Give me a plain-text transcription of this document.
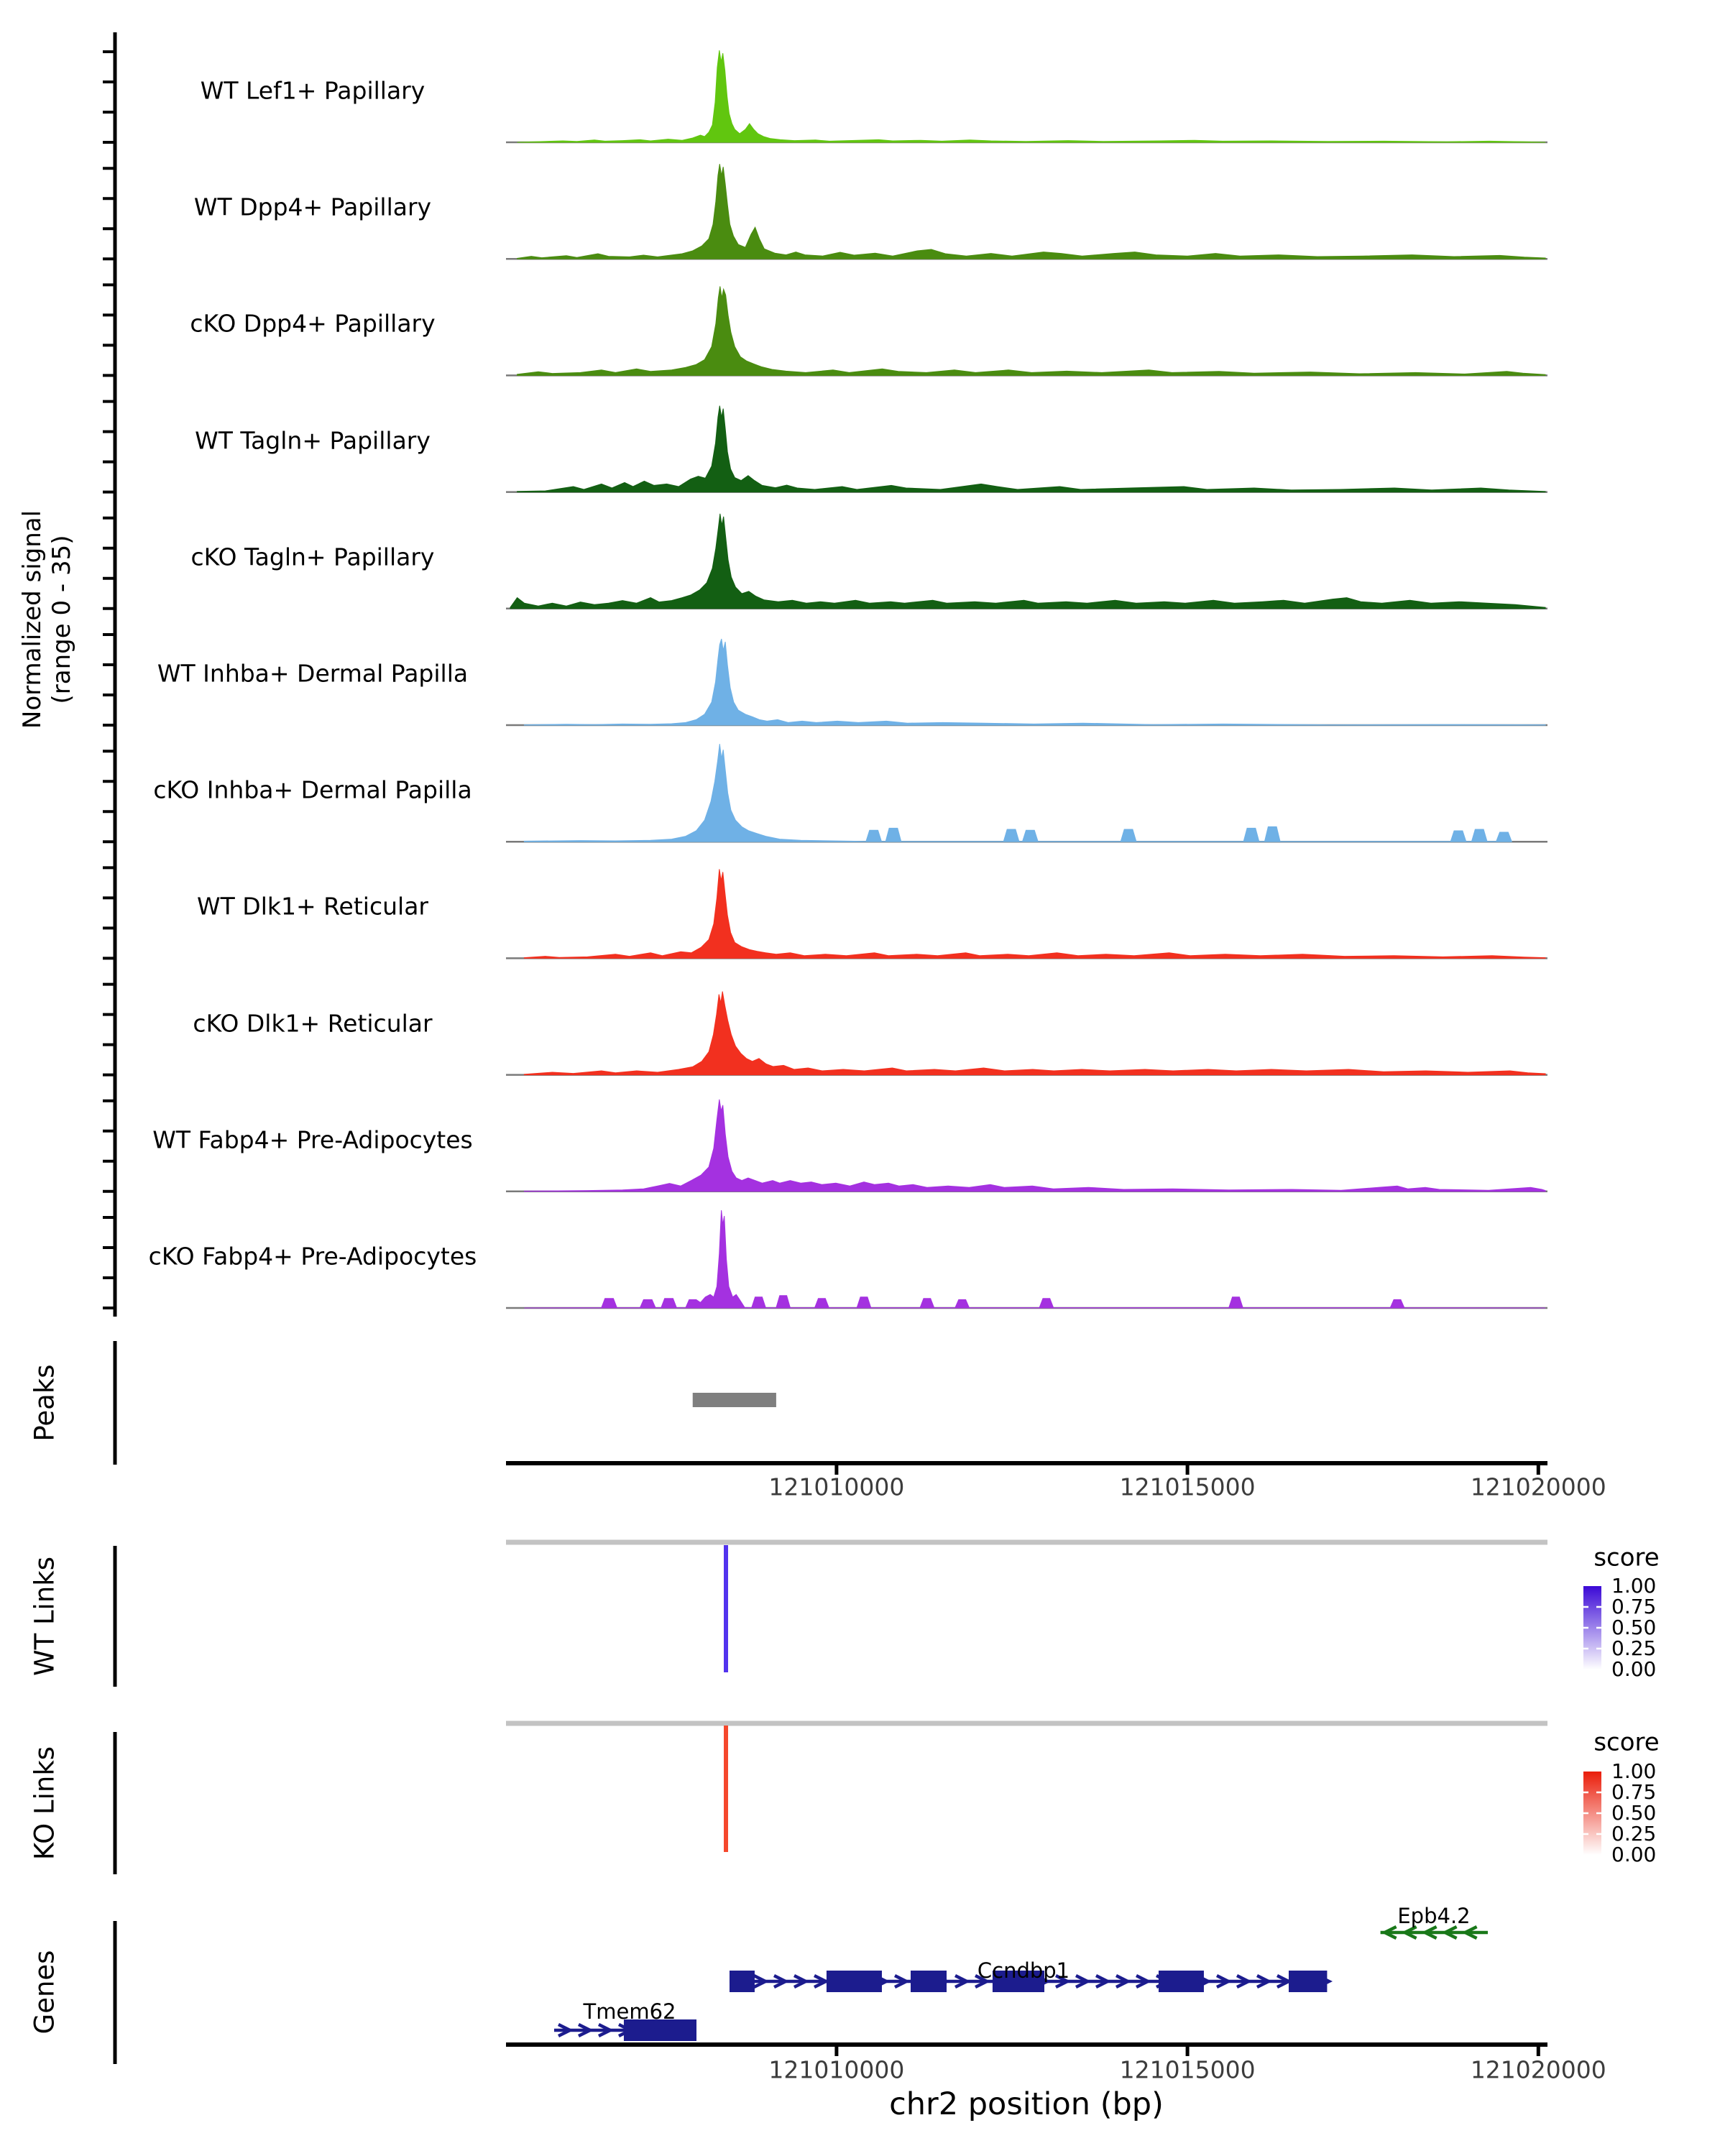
121010000	121015000	121020000
121010000	121015000	121020000
score
1.00
0.75
0.50
0.25
0.00
score
1.00
0.75
0.50
0.25
0.00
Epb4.2
Ccndbp1
Tmem62
Normalized signal (range 0 - 35)
WT Lef1+ Papillary
WT Dpp4+ Papillary
cKO Dpp4+ Papillary
WT Tagln+ Papillary
cKO Tagln+ Papillary
WT Inhba+ Dermal Papilla
cKO Inhba+ Dermal Papilla
WT Dlk1+ Reticular
cKO Dlk1+ Reticular
WT Fabp4+ Pre-Adipocytes
cKO Fabp4+ Pre-Adipocytes
Peaks
WT Links
KO Links
Genes
chr2 position (bp)
